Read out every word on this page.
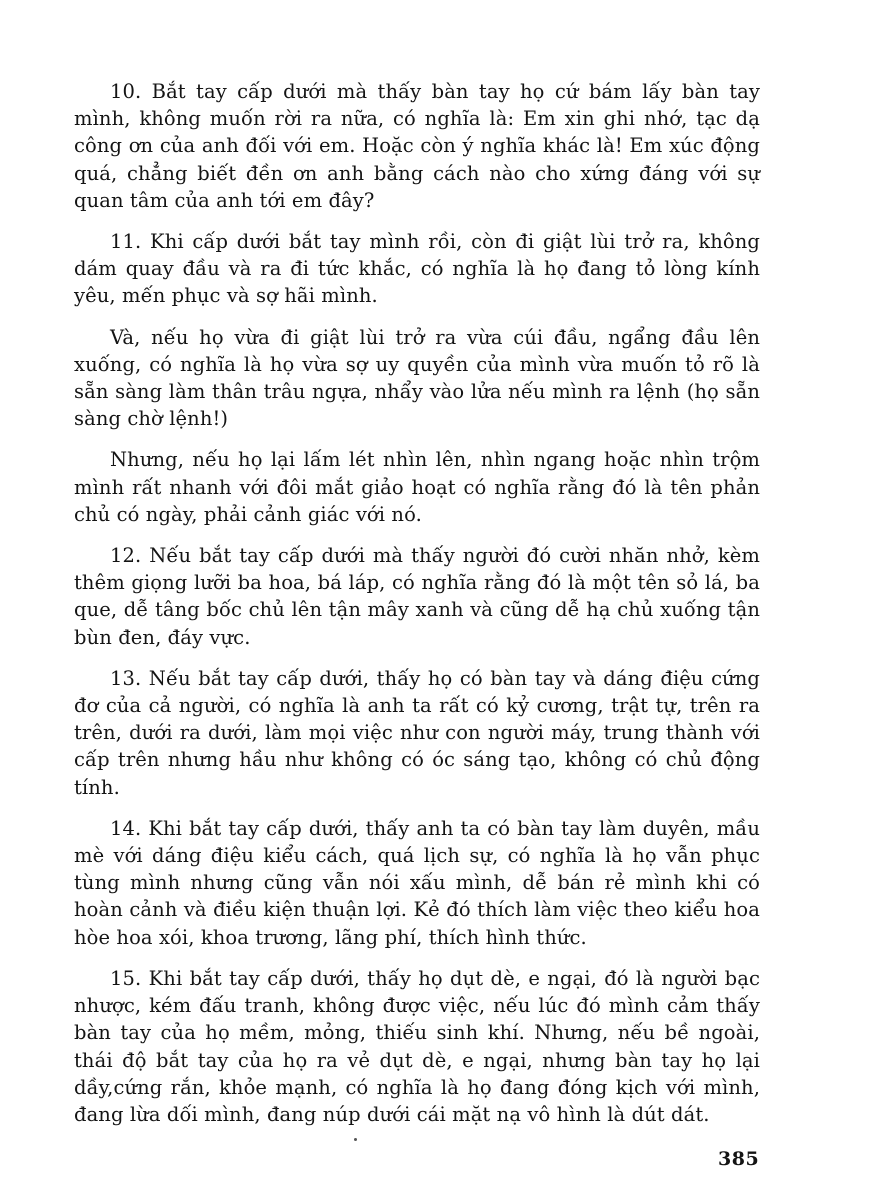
10. Bắt tay cấp dưới mà thấy bàn tay họ cứ bám lấy bàn tay mình, không muốn rời ra nữa, có nghĩa là: Em xin ghi nhớ, tạc dạ công ơn của anh đối với em. Hoặc còn ý nghĩa khác là! Em xúc động quá, chẳng biết đền ơn anh bằng cách nào cho xứng đáng với sự quan tâm của anh tới em đây?

11. Khi cấp dưới bắt tay mình rồi, còn đi giật lùi trở ra, không dám quay đầu và ra đi tức khắc, có nghĩa là họ đang tỏ lòng kính yêu, mến phục và sợ hãi mình.

Và, nếu họ vừa đi giật lùi trở ra vừa cúi đầu, ngẩng đầu lên xuống, có nghĩa là họ vừa sợ uy quyền của mình vừa muốn tỏ rõ là sẵn sàng làm thân trâu ngựa, nhẩy vào lửa nếu mình ra lệnh (họ sẵn sàng chờ lệnh!)

Nhưng, nếu họ lại lấm lét nhìn lên, nhìn ngang hoặc nhìn trộm mình rất nhanh với đôi mắt giảo hoạt có nghĩa rằng đó là tên phản chủ có ngày, phải cảnh giác với nó.

12. Nếu bắt tay cấp dưới mà thấy người đó cười nhăn nhở, kèm thêm giọng lưỡi ba hoa, bá láp, có nghĩa rằng đó là một tên sỏ lá, ba que, dễ tâng bốc chủ lên tận mây xanh và cũng dễ hạ chủ xuống tận bùn đen, đáy vực.

13. Nếu bắt tay cấp dưới, thấy họ có bàn tay và dáng điệu cứng đơ của cả người, có nghĩa là anh ta rất có kỷ cương, trật tự, trên ra trên, dưới ra dưới, làm mọi việc như con người máy, trung thành với cấp trên nhưng hầu như không có óc sáng tạo, không có chủ động tính.

14. Khi bắt tay cấp dưới, thấy anh ta có bàn tay làm duyên, mầu mè với dáng điệu kiểu cách, quá lịch sự, có nghĩa là họ vẫn phục tùng mình nhưng cũng vẫn nói xấu mình, dễ bán rẻ mình khi có hoàn cảnh và điều kiện thuận lợi. Kẻ đó thích làm việc theo kiểu hoa hòe hoa xói, khoa trương, lãng phí, thích hình thức.

15. Khi bắt tay cấp dưới, thấy họ dụt dè, e ngại, đó là người bạc nhược, kém đấu tranh, không được việc, nếu lúc đó mình cảm thấy bàn tay của họ mềm, mỏng, thiếu sinh khí. Nhưng, nếu bề ngoài, thái độ bắt tay của họ ra vẻ dụt dè, e ngại, nhưng bàn tay họ lại dầy,cứng rắn, khỏe mạnh, có nghĩa là họ đang đóng kịch với mình, đang lừa dối mình, đang núp dưới cái mặt nạ vô hình là dút dát.

385
